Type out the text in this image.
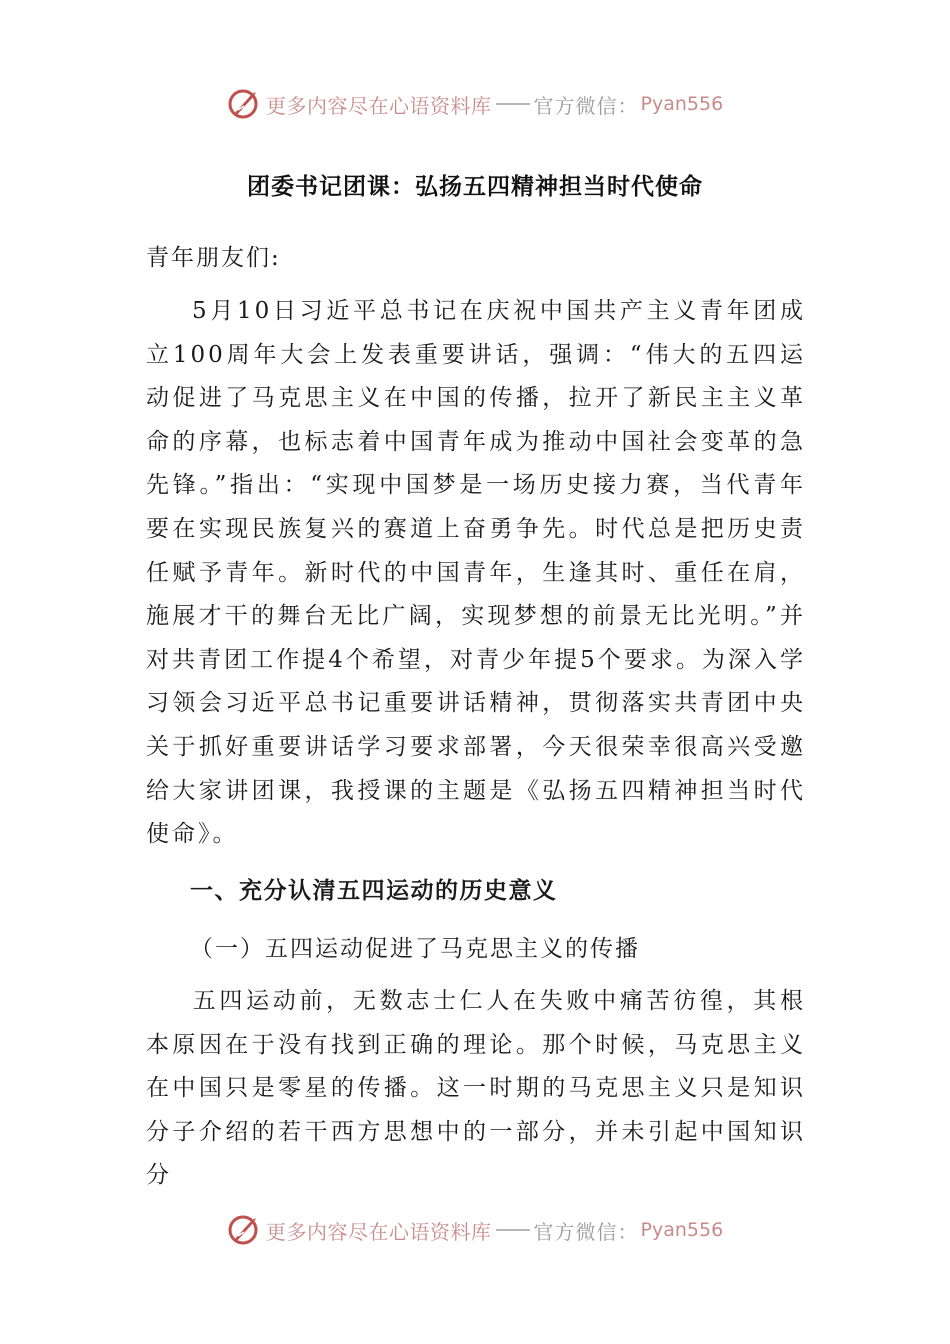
更多内容尽在心语资料库 官方微信： Pyan556
团委书记团课：弘扬五四精神担当时代使命
青年朋友们:

5月10日习近平总书记在庆祝中国共产主义青年团成立100周年大会上发表重要讲话，强调：“伟大的五四运动促进了马克思主义在中国的传播，拉开了新民主主义革命的序幕，也标志着中国青年成为推动中国社会变革的急先锋。”指出：“实现中国梦是一场历史接力赛，当代青年要在实现民族复兴的赛道上奋勇争先。时代总是把历史责任赋予青年。新时代的中国青年，生逢其时、重任在肩，施展才干的舞台无比广阔，实现梦想的前景无比光明。”并对共青团工作提4个希望，对青少年提5个要求。为深入学习领会习近平总书记重要讲话精神，贯彻落实共青团中央关于抓好重要讲话学习要求部署，今天很荣幸很高兴受邀给大家讲团课，我授课的主题是《弘扬五四精神担当时代使命》。

一、充分认清五四运动的历史意义
（一）五四运动促进了马克思主义的传播

五四运动前，无数志士仁人在失败中痛苦彷徨，其根本原因在于没有找到正确的理论。那个时候，马克思主义在中国只是零星的传播。这一时期的马克思主义只是知识分子介绍的若干西方思想中的一部分，并未引起中国知识分

更多内容尽在心语资料库 官方微信： Pyan556
